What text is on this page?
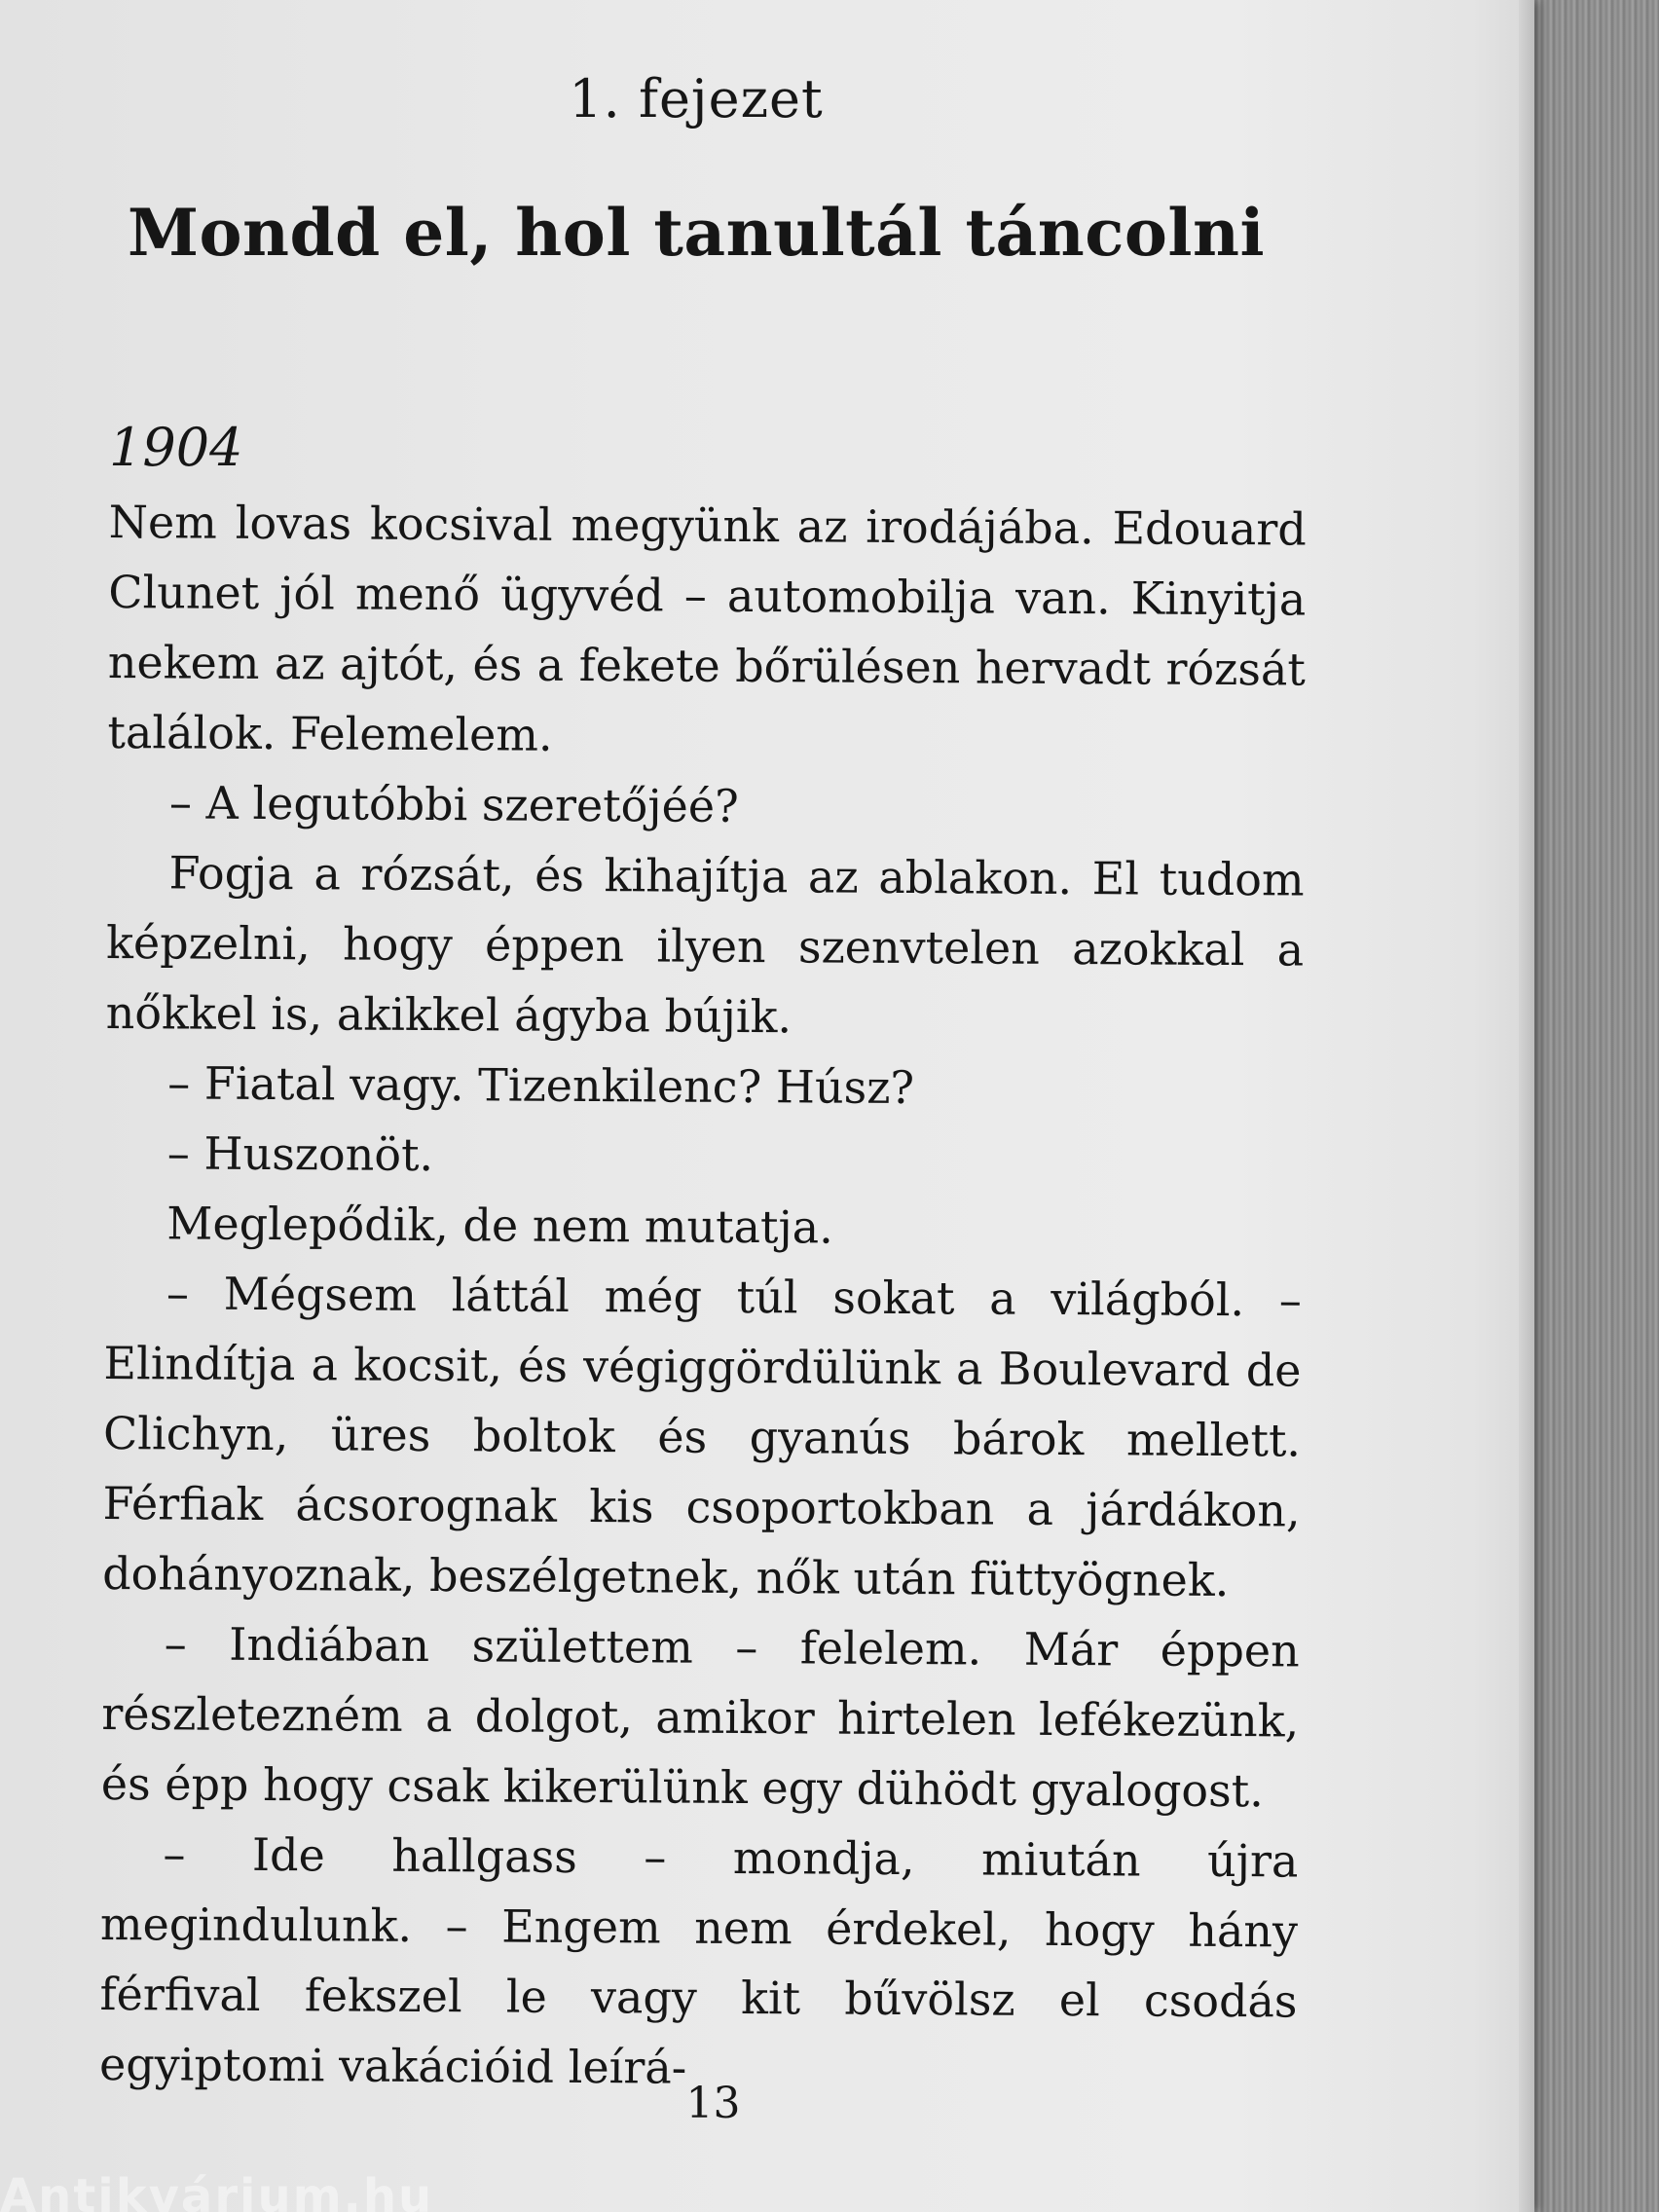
1. fejezet
Mondd el, hol tanultál táncolni
1904

Nem lovas kocsival megyünk az irodájába. Edouard Clunet jól menő ügyvéd – automobilja van. Kinyitja nekem az ajtót, és a fekete bőrülésen hervadt rózsát találok. Felemelem.

– A legutóbbi szeretőjéé?

Fogja a rózsát, és kihajítja az ablakon. El tudom képzelni, hogy éppen ilyen szenvtelen azokkal a nőkkel is, akikkel ágyba bújik.

– Fiatal vagy. Tizenkilenc? Húsz?

– Huszonöt.

Meglepődik, de nem mutatja.

– Mégsem láttál még túl sokat a világból. – Elindítja a kocsit, és végiggördülünk a Boulevard de Clichyn, üres boltok és gyanús bárok mellett. Férfiak ácsorognak kis csoportokban a járdákon, dohányoznak, beszélgetnek, nők után füttyögnek.

– Indiában születtem – felelem. Már éppen részletezném a dolgot, amikor hirtelen lefékezünk, és épp hogy csak kikerülünk egy dühödt gyalogost.

– Ide hallgass – mondja, miután újra megindulunk. – Engem nem érdekel, hogy hány férfival fekszel le vagy kit bűvölsz el csodás egyiptomi vakációid leírá-

13
Antikvárium.hu
